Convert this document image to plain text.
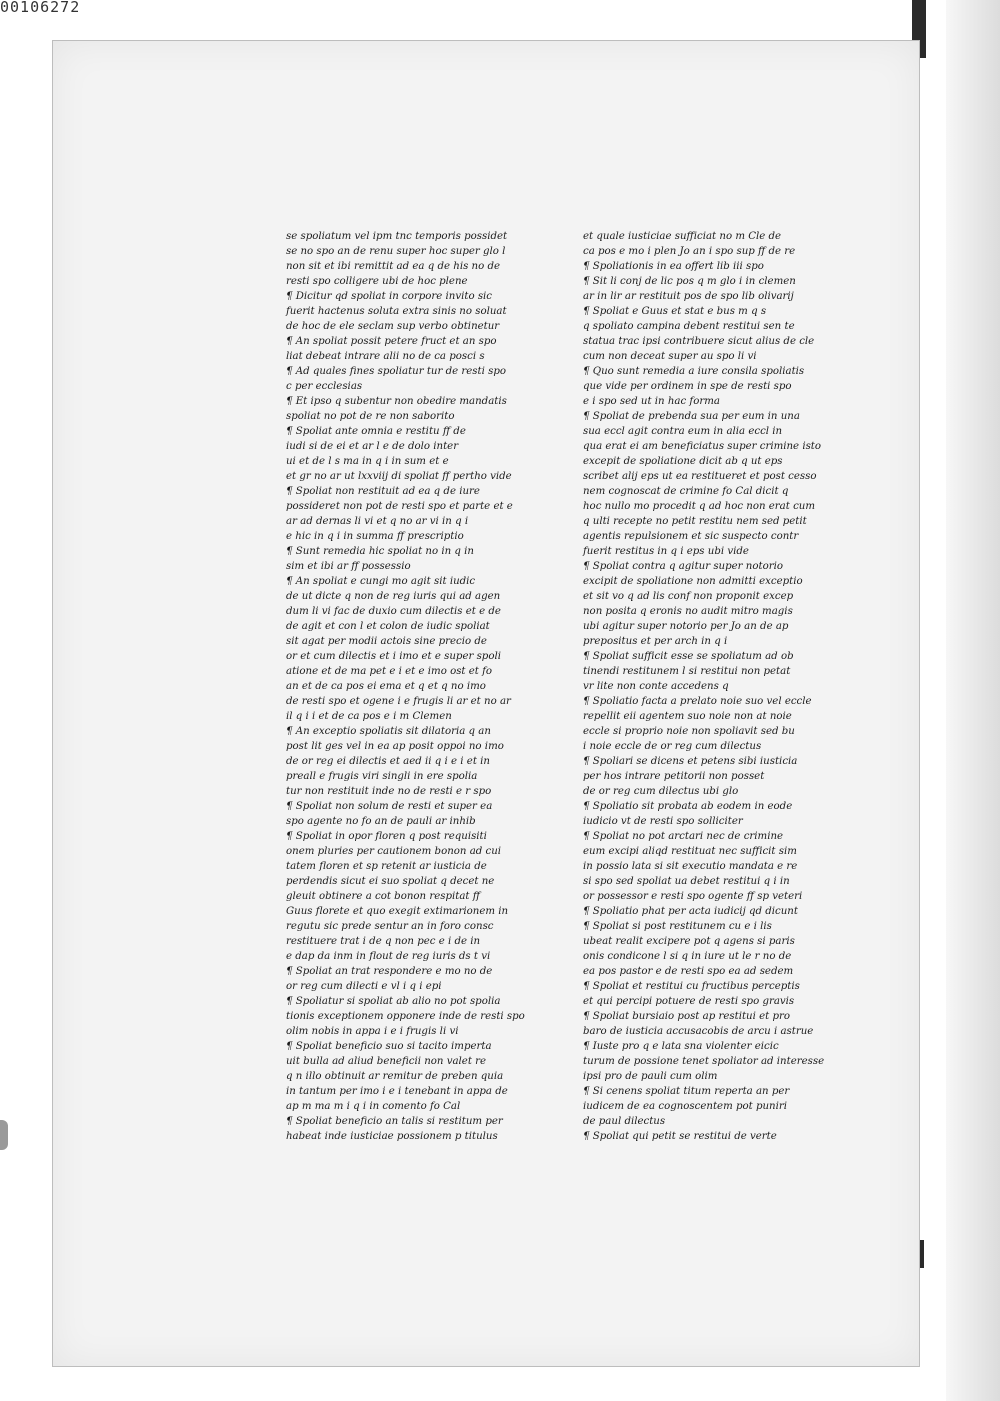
00106272
se spoliatum vel ipm tnc temporis possidet
se no spo an de renu super hoc super glo l
non sit et ibi remittit ad ea q de his no de
resti spo colligere ubi de hoc plene
¶ Dicitur qd spoliat in corpore invito sic
fuerit hactenus soluta extra sinis no soluat
de hoc de ele seclam sup verbo obtinetur
¶ An spoliat possit petere fruct et an spo
liat debeat intrare alii no de ca posci s
¶ Ad quales fines spoliatur tur de resti spo
c per ecclesias
¶ Et ipso q subentur non obedire mandatis
spoliat no pot de re non saborito
¶ Spoliat ante omnia e restitu ff de
iudi si de ei et ar l e de dolo inter
ui et de l s ma in q i in sum et e
et gr no ar ut lxxviij di spoliat ff pertho vide
¶ Spoliat non restituit ad ea q de iure
possideret non pot de resti spo et parte et e
ar ad dernas li vi et q no ar vi in q i
e hic in q i in summa ff prescriptio
¶ Sunt remedia hic spoliat no in q in
sim et ibi ar ff possessio
¶ An spoliat e cungi mo agit sit iudic
de ut dicte q non de reg iuris qui ad agen
dum li vi fac de duxio cum dilectis et e de
de agit et con l et colon de iudic spoliat
sit agat per modii actois sine precio de
or et cum dilectis et i imo et e super spoli
atione et de ma pet e i et e imo ost et fo
an et de ca pos ei ema et q et q no imo
de resti spo et ogene i e frugis li ar et no ar
il q i i et de ca pos e i m Clemen
¶ An exceptio spoliatis sit dilatoria q an
post lit ges vel in ea ap posit oppoi no imo
de or reg ei dilectis et aed ii q i e i et in
preall e frugis viri singli in ere spolia
tur non restituit inde no de resti e r spo
¶ Spoliat non solum de resti et super ea
spo agente no fo an de pauli ar inhib
¶ Spoliat in opor floren q post requisiti
onem pluries per cautionem bonon ad cui
tatem floren et sp retenit ar iusticia de
perdendis sicut ei suo spoliat q decet ne
gleuit obtinere a cot bonon respitat ff
Guus florete et quo exegit extimarionem in
regutu sic prede sentur an in foro consc
restituere trat i de q non pec e i de in
e dap da inm in flout de reg iuris ds t vi
¶ Spoliat an trat respondere e mo no de
or reg cum dilecti e vl i q i epi
¶ Spoliatur si spoliat ab alio no pot spolia
tionis exceptionem opponere inde de resti spo
olim nobis in appa i e i frugis li vi
¶ Spoliat beneficio suo si tacito imperta
uit bulla ad aliud beneficii non valet re
q n illo obtinuit ar remitur de preben quia
in tantum per imo i e i tenebant in appa de
ap m ma m i q i in comento fo Cal
¶ Spoliat beneficio an talis si restitum per
habeat inde iusticiae possionem p titulus
et quale iusticiae sufficiat no m Cle de
ca pos e mo i plen Jo an i spo sup ff de re
¶ Spoliationis in ea offert lib iii spo
¶ Sit li conj de lic pos q m glo i in clemen
ar in lir ar restituit pos de spo lib olivarij
¶ Spoliat e Guus et stat e bus m q s
q spoliato campina debent restitui sen te
statua trac ipsi contribuere sicut alius de cle
cum non deceat super au spo li vi
¶ Quo sunt remedia a iure consila spoliatis
que vide per ordinem in spe de resti spo
e i spo sed ut in hac forma
¶ Spoliat de prebenda sua per eum in una
sua eccl agit contra eum in alia eccl in
qua erat ei am beneficiatus super crimine isto
excepit de spoliatione dicit ab q ut eps
scribet alij eps ut ea restitueret et post cesso
nem cognoscat de crimine fo Cal dicit q
hoc nullo mo procedit q ad hoc non erat cum
q ulti recepte no petit restitu nem sed petit
agentis repulsionem et sic suspecto contr
fuerit restitus in q i eps ubi vide
¶ Spoliat contra q agitur super notorio
excipit de spoliatione non admitti exceptio
et sit vo q ad lis conf non proponit excep
non posita q eronis no audit mitro magis
ubi agitur super notorio per Jo an de ap
prepositus et per arch in q i
¶ Spoliat sufficit esse se spoliatum ad ob
tinendi restitunem l si restitui non petat
vr lite non conte accedens q
¶ Spoliatio facta a prelato noie suo vel eccle
repellit eii agentem suo noie non at noie
eccle si proprio noie non spoliavit sed bu
i noie eccle de or reg cum dilectus
¶ Spoliari se dicens et petens sibi iusticia
per hos intrare petitorii non posset
de or reg cum dilectus ubi glo
¶ Spoliatio sit probata ab eodem in eode
iudicio vt de resti spo solliciter
¶ Spoliat no pot arctari nec de crimine
eum excipi aliqd restituat nec sufficit sim
in possio lata si sit executio mandata e re
si spo sed spoliat ua debet restitui q i in
or possessor e resti spo ogente ff sp veteri
¶ Spoliatio phat per acta iudicij qd dicunt
¶ Spoliat si post restitunem cu e i lis
ubeat realit excipere pot q agens si paris
onis condicone l si q in iure ut le r no de
ea pos pastor e de resti spo ea ad sedem
¶ Spoliat et restitui cu fructibus perceptis
et qui percipi potuere de resti spo gravis
¶ Spoliat bursiaio post ap restitui et pro
baro de iusticia accusacobis de arcu i astrue
¶ Iuste pro q e lata sna violenter eicic
turum de possione tenet spoliator ad interesse
ipsi pro de pauli cum olim
¶ Si cenens spoliat titum reperta an per
iudicem de ea cognoscentem pot puniri
de paul dilectus
¶ Spoliat qui petit se restitui de verte
